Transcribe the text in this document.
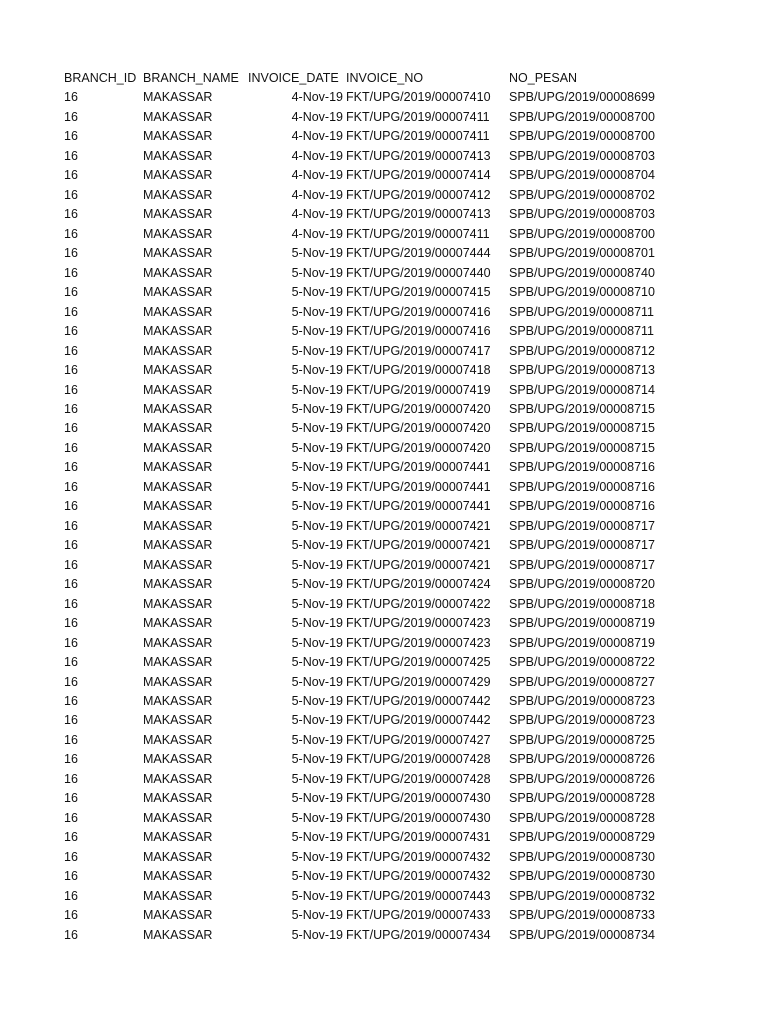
BRANCH_ID BRANCH_NAME INVOICE_DATE INVOICE_NO	NO_PESAN
16	MAKASSAR	4-Nov-19 FKT/UPG/2019/00007410 SPB/UPG/2019/00008699
16	MAKASSAR	4-Nov-19 FKT/UPG/2019/00007411 SPB/UPG/2019/00008700
16	MAKASSAR	4-Nov-19 FKT/UPG/2019/00007411 SPB/UPG/2019/00008700
16	MAKASSAR	4-Nov-19 FKT/UPG/2019/00007413 SPB/UPG/2019/00008703
16	MAKASSAR	4-Nov-19 FKT/UPG/2019/00007414 SPB/UPG/2019/00008704
16	MAKASSAR	4-Nov-19 FKT/UPG/2019/00007412 SPB/UPG/2019/00008702
16	MAKASSAR	4-Nov-19 FKT/UPG/2019/00007413 SPB/UPG/2019/00008703
16	MAKASSAR	4-Nov-19 FKT/UPG/2019/00007411 SPB/UPG/2019/00008700
16	MAKASSAR	5-Nov-19 FKT/UPG/2019/00007444 SPB/UPG/2019/00008701
16	MAKASSAR	5-Nov-19 FKT/UPG/2019/00007440 SPB/UPG/2019/00008740
16	MAKASSAR	5-Nov-19 FKT/UPG/2019/00007415 SPB/UPG/2019/00008710
16	MAKASSAR	5-Nov-19 FKT/UPG/2019/00007416 SPB/UPG/2019/00008711
16	MAKASSAR	5-Nov-19 FKT/UPG/2019/00007416 SPB/UPG/2019/00008711
16	MAKASSAR	5-Nov-19 FKT/UPG/2019/00007417 SPB/UPG/2019/00008712
16	MAKASSAR	5-Nov-19 FKT/UPG/2019/00007418 SPB/UPG/2019/00008713
16	MAKASSAR	5-Nov-19 FKT/UPG/2019/00007419 SPB/UPG/2019/00008714
16	MAKASSAR	5-Nov-19 FKT/UPG/2019/00007420 SPB/UPG/2019/00008715
16	MAKASSAR	5-Nov-19 FKT/UPG/2019/00007420 SPB/UPG/2019/00008715
16	MAKASSAR	5-Nov-19 FKT/UPG/2019/00007420 SPB/UPG/2019/00008715
16	MAKASSAR	5-Nov-19 FKT/UPG/2019/00007441 SPB/UPG/2019/00008716
16	MAKASSAR	5-Nov-19 FKT/UPG/2019/00007441 SPB/UPG/2019/00008716
16	MAKASSAR	5-Nov-19 FKT/UPG/2019/00007441 SPB/UPG/2019/00008716
16	MAKASSAR	5-Nov-19 FKT/UPG/2019/00007421 SPB/UPG/2019/00008717
16	MAKASSAR	5-Nov-19 FKT/UPG/2019/00007421 SPB/UPG/2019/00008717
16	MAKASSAR	5-Nov-19 FKT/UPG/2019/00007421 SPB/UPG/2019/00008717
16	MAKASSAR	5-Nov-19 FKT/UPG/2019/00007424 SPB/UPG/2019/00008720
16	MAKASSAR	5-Nov-19 FKT/UPG/2019/00007422 SPB/UPG/2019/00008718
16	MAKASSAR	5-Nov-19 FKT/UPG/2019/00007423 SPB/UPG/2019/00008719
16	MAKASSAR	5-Nov-19 FKT/UPG/2019/00007423 SPB/UPG/2019/00008719
16	MAKASSAR	5-Nov-19 FKT/UPG/2019/00007425 SPB/UPG/2019/00008722
16	MAKASSAR	5-Nov-19 FKT/UPG/2019/00007429 SPB/UPG/2019/00008727
16	MAKASSAR	5-Nov-19 FKT/UPG/2019/00007442 SPB/UPG/2019/00008723
16	MAKASSAR	5-Nov-19 FKT/UPG/2019/00007442 SPB/UPG/2019/00008723
16	MAKASSAR	5-Nov-19 FKT/UPG/2019/00007427 SPB/UPG/2019/00008725
16	MAKASSAR	5-Nov-19 FKT/UPG/2019/00007428 SPB/UPG/2019/00008726
16	MAKASSAR	5-Nov-19 FKT/UPG/2019/00007428 SPB/UPG/2019/00008726
16	MAKASSAR	5-Nov-19 FKT/UPG/2019/00007430 SPB/UPG/2019/00008728
16	MAKASSAR	5-Nov-19 FKT/UPG/2019/00007430 SPB/UPG/2019/00008728
16	MAKASSAR	5-Nov-19 FKT/UPG/2019/00007431 SPB/UPG/2019/00008729
16	MAKASSAR	5-Nov-19 FKT/UPG/2019/00007432 SPB/UPG/2019/00008730
16	MAKASSAR	5-Nov-19 FKT/UPG/2019/00007432 SPB/UPG/2019/00008730
16	MAKASSAR	5-Nov-19 FKT/UPG/2019/00007443 SPB/UPG/2019/00008732
16	MAKASSAR	5-Nov-19 FKT/UPG/2019/00007433 SPB/UPG/2019/00008733
16	MAKASSAR	5-Nov-19 FKT/UPG/2019/00007434 SPB/UPG/2019/00008734
